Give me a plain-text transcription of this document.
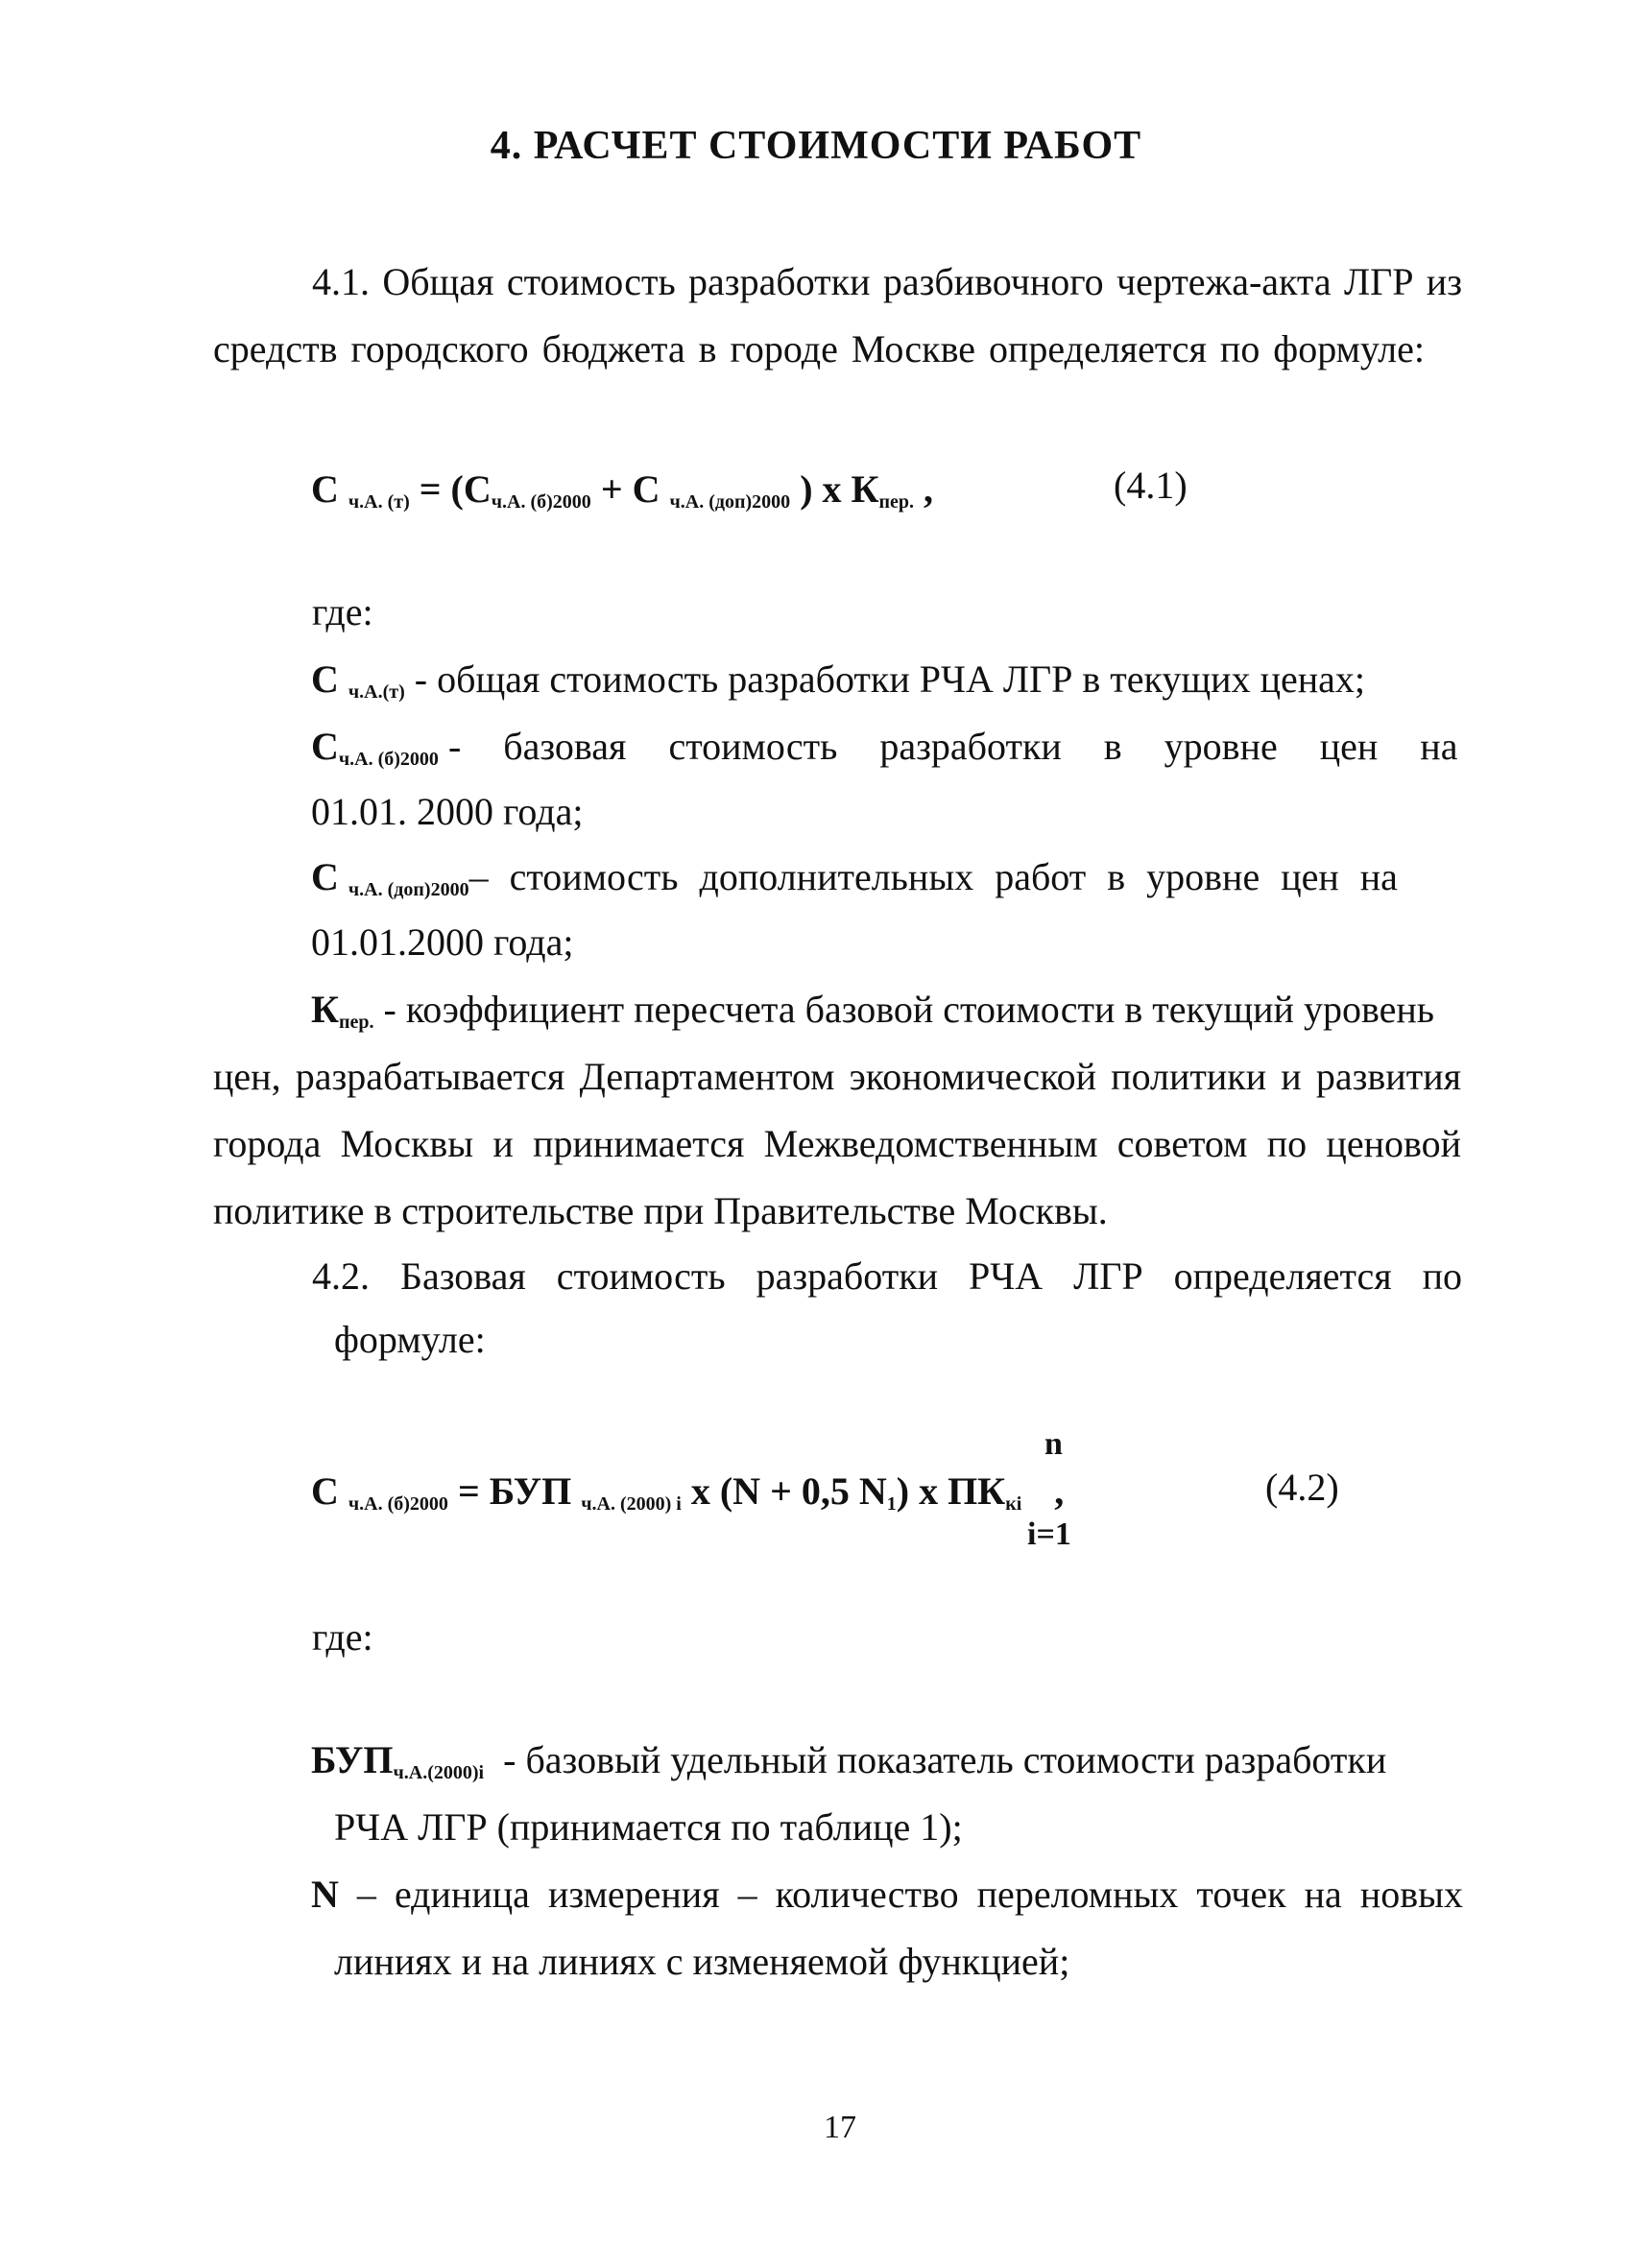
4. РАСЧЕТ СТОИМОСТИ РАБОТ
4.1. Общая стоимость разработки разбивочного чертежа-акта ЛГР из
средств городского бюджета в городе Москве определяется по формуле:
С $_{ч.А. (т)} = (С_{ч.А. (б)2000} + С$ $_{ч.А. (доп)2000}$ ) х $К_{пер.}$ ,	(4.1)
где:
С $_{ч.А.(т)}$ - общая стоимость разработки РЧА ЛГР в текущих ценах;
$С_{ч.А. (б)2000}$ - базовая стоимость разработки в уровне цен на
01.01. 2000 года;
С $_{ч.А. (доп)2000}$– стоимость дополнительных работ в уровне цен на
01.01.2000 года;
$К_{пер.}$ - коэффициент пересчета базовой стоимости в текущий уровень
цен, разрабатывается Департаментом экономической политики и развития
города Москвы и принимается Межведомственным советом по ценовой
политике в строительстве при Правительстве Москвы.
4.2. Базовая стоимость разработки РЧА ЛГР определяется по
формуле:
n
С $_{ч.А. (б)2000}$ = БУП $_{ч.А. (2000) i}$ х (N + 0,5 $N_1$) х $ПК_{кi}$ ,
i=1
(4.2)
где:
$БУП_{ч.А.(2000)i}$ - базовый удельный показатель стоимости разработки
РЧА ЛГР (принимается по таблице 1);
N – единица измерения – количество переломных точек на новых
линиях и на линиях с изменяемой функцией;
17
